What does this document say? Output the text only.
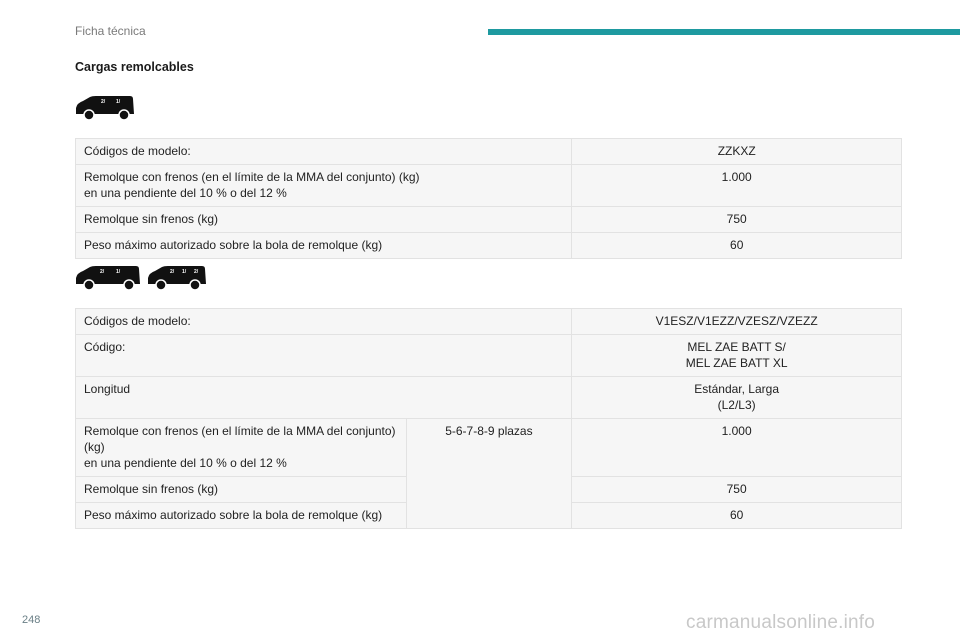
Ficha técnica
Cargas remolcables
2/ 1/
Códigos de modelo:	ZZKXZ

Remolque con frenos (en el límite de la MMA del conjunto) (kg)
en una pendiente del 10 % o del 12 %	1.000
Remolque sin frenos (kg)	750
Peso máximo autorizado sobre la bola de remolque (kg)	60
2/ 1/	2/ 1/ 2/
Códigos de modelo:		V1ESZ/V1EZZ/VZESZ/VZEZZ
Código:		MEL ZAE BATT S/
MEL ZAE BATT XL

Longitud		Estándar, Larga
(L2/L3)

Remolque con frenos (en el límite de la MMA del conjunto)
(kg)
en una pendiente del 10 % o del 12 %	5-6-7-8-9 plazas	1.000
Remolque sin frenos (kg)		750
Peso máximo autorizado sobre la bola de remolque (kg)		60
248	carmanualsonline.info
